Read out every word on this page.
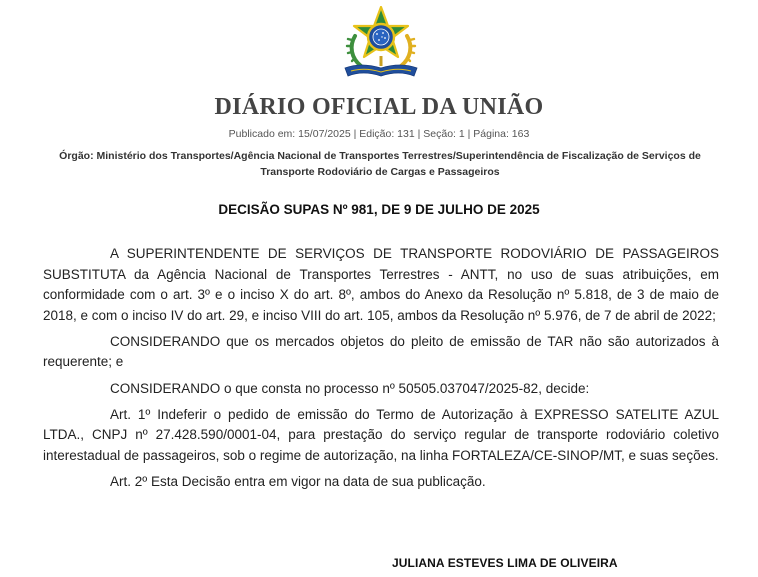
DIÁRIO OFICIAL DA UNIÃO
Publicado em: 15/07/2025 | Edição: 131 | Seção: 1 | Página: 163
Órgão: Ministério dos Transportes/Agência Nacional de Transportes Terrestres/Superintendência de Fiscalização de Serviços de Transporte Rodoviário de Cargas e Passageiros
DECISÃO SUPAS Nº 981, DE 9 DE JULHO DE 2025

A SUPERINTENDENTE DE SERVIÇOS DE TRANSPORTE RODOVIÁRIO DE PASSAGEIROS SUBSTITUTA da Agência Nacional de Transportes Terrestres - ANTT, no uso de suas atribuições, em conformidade com o art. 3º e o inciso X do art. 8º, ambos do Anexo da Resolução nº 5.818, de 3 de maio de 2018, e com o inciso IV do art. 29, e inciso VIII do art. 105, ambos da Resolução nº 5.976, de 7 de abril de 2022;

CONSIDERANDO que os mercados objetos do pleito de emissão de TAR não são autorizados à requerente; e

CONSIDERANDO o que consta no processo nº 50505.037047/2025-82, decide:

Art. 1º Indeferir o pedido de emissão do Termo de Autorização à EXPRESSO SATELITE AZUL LTDA., CNPJ nº 27.428.590/0001-04, para prestação do serviço regular de transporte rodoviário coletivo interestadual de passageiros, sob o regime de autorização, na linha FORTALEZA/CE-SINOP/MT, e suas seções.

Art. 2º Esta Decisão entra em vigor na data de sua publicação.

JULIANA ESTEVES LIMA DE OLIVEIRA
